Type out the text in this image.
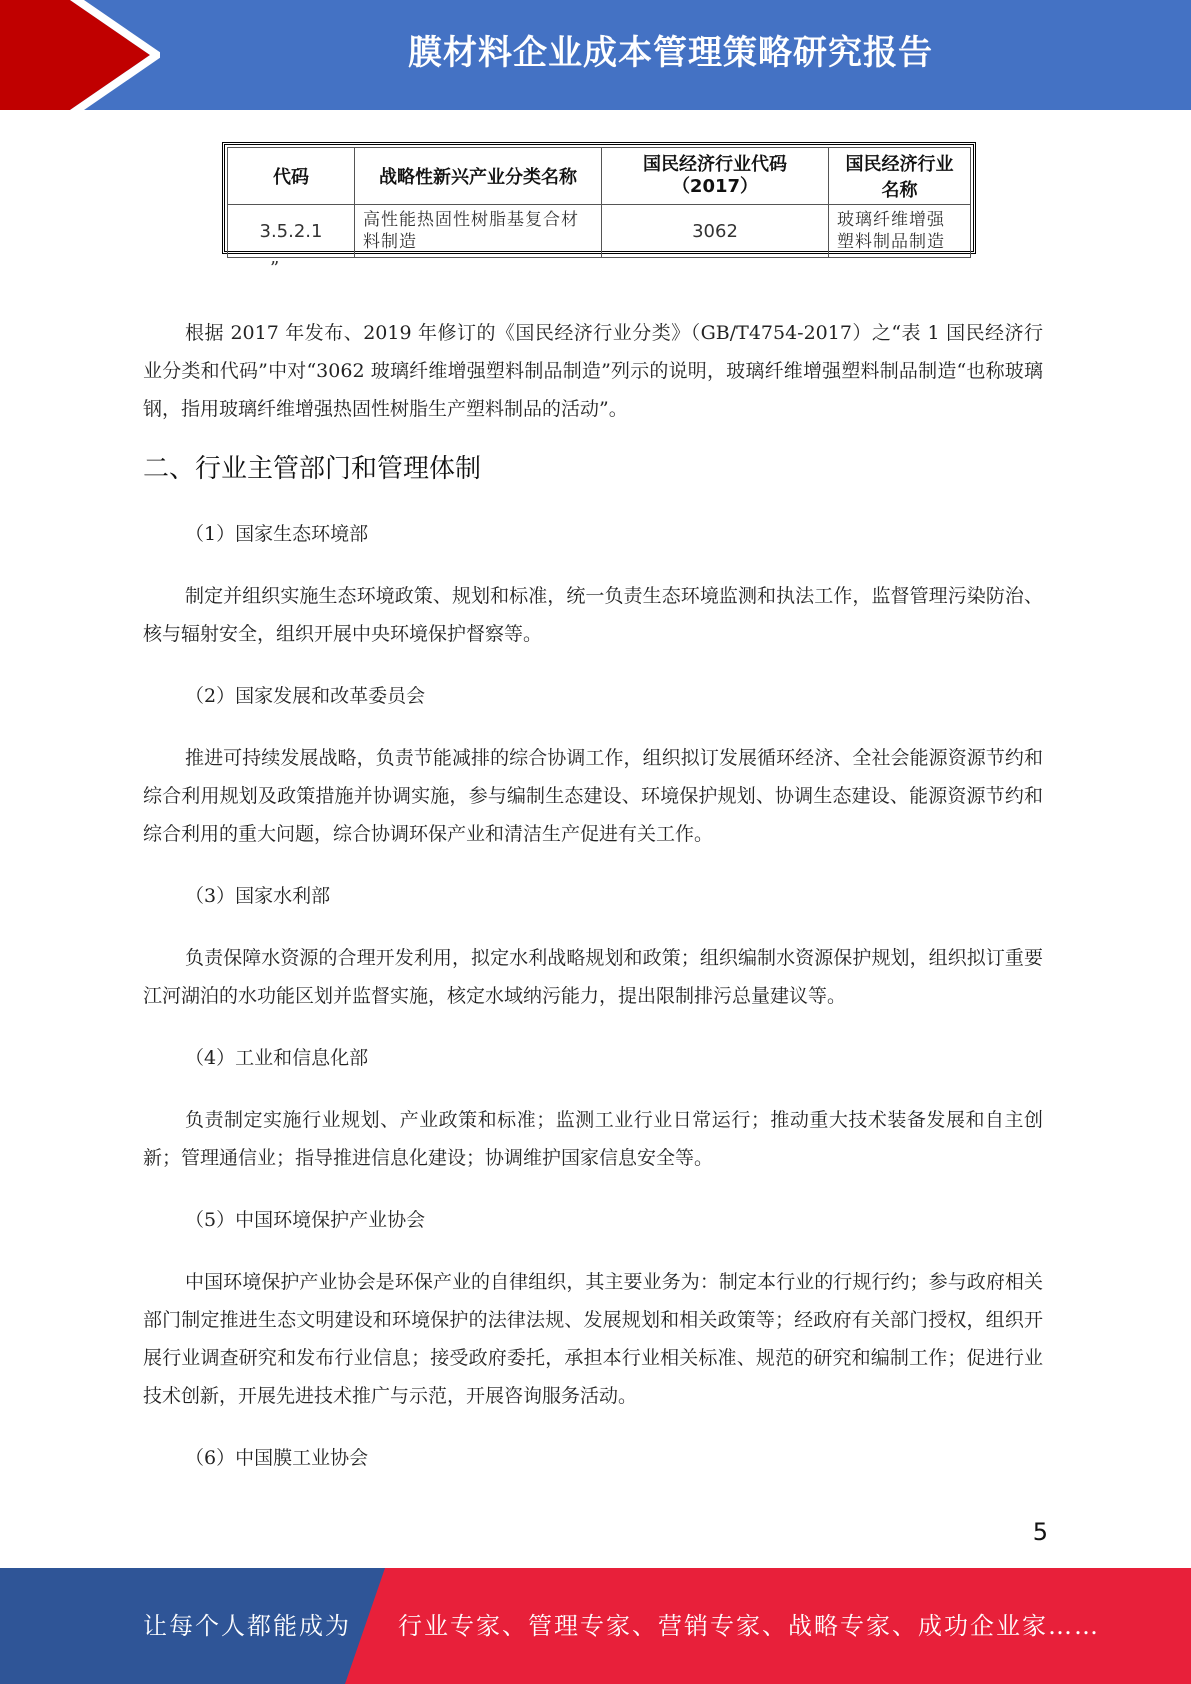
膜材料企业成本管理策略研究报告
代码	战略性新兴产业分类名称	国民经济行业代码（2017）	国民经济行业名称
3.5.2.1	高性能热固性树脂基复合材料制造	3062	玻璃纤维增强塑料制品制造
”
根据 2017 年发布、2019 年修订的《国民经济行业分类》（GB/T4754-2017）之“表 1 国民经济行业分类和代码”中对“3062 玻璃纤维增强塑料制品制造”列示的说明，玻璃纤维增强塑料制品制造“也称玻璃钢，指用玻璃纤维增强热固性树脂生产塑料制品的活动”。
二、行业主管部门和管理体制
（1）国家生态环境部
制定并组织实施生态环境政策、规划和标准，统一负责生态环境监测和执法工作，监督管理污染防治、核与辐射安全，组织开展中央环境保护督察等。
（2）国家发展和改革委员会
推进可持续发展战略，负责节能减排的综合协调工作，组织拟订发展循环经济、全社会能源资源节约和综合利用规划及政策措施并协调实施，参与编制生态建设、环境保护规划、协调生态建设、能源资源节约和综合利用的重大问题，综合协调环保产业和清洁生产促进有关工作。
（3）国家水利部
负责保障水资源的合理开发利用，拟定水利战略规划和政策；组织编制水资源保护规划，组织拟订重要江河湖泊的水功能区划并监督实施，核定水域纳污能力，提出限制排污总量建议等。
（4）工业和信息化部
负责制定实施行业规划、产业政策和标准；监测工业行业日常运行；推动重大技术装备发展和自主创新；管理通信业；指导推进信息化建设；协调维护国家信息安全等。
（5）中国环境保护产业协会
中国环境保护产业协会是环保产业的自律组织，其主要业务为：制定本行业的行规行约；参与政府相关部门制定推进生态文明建设和环境保护的法律法规、发展规划和相关政策等；经政府有关部门授权，组织开展行业调查研究和发布行业信息；接受政府委托，承担本行业相关标准、规范的研究和编制工作；促进行业技术创新，开展先进技术推广与示范，开展咨询服务活动。
（6）中国膜工业协会
5
让每个人都能成为 行业专家、管理专家、营销专家、战略专家、成功企业家……
